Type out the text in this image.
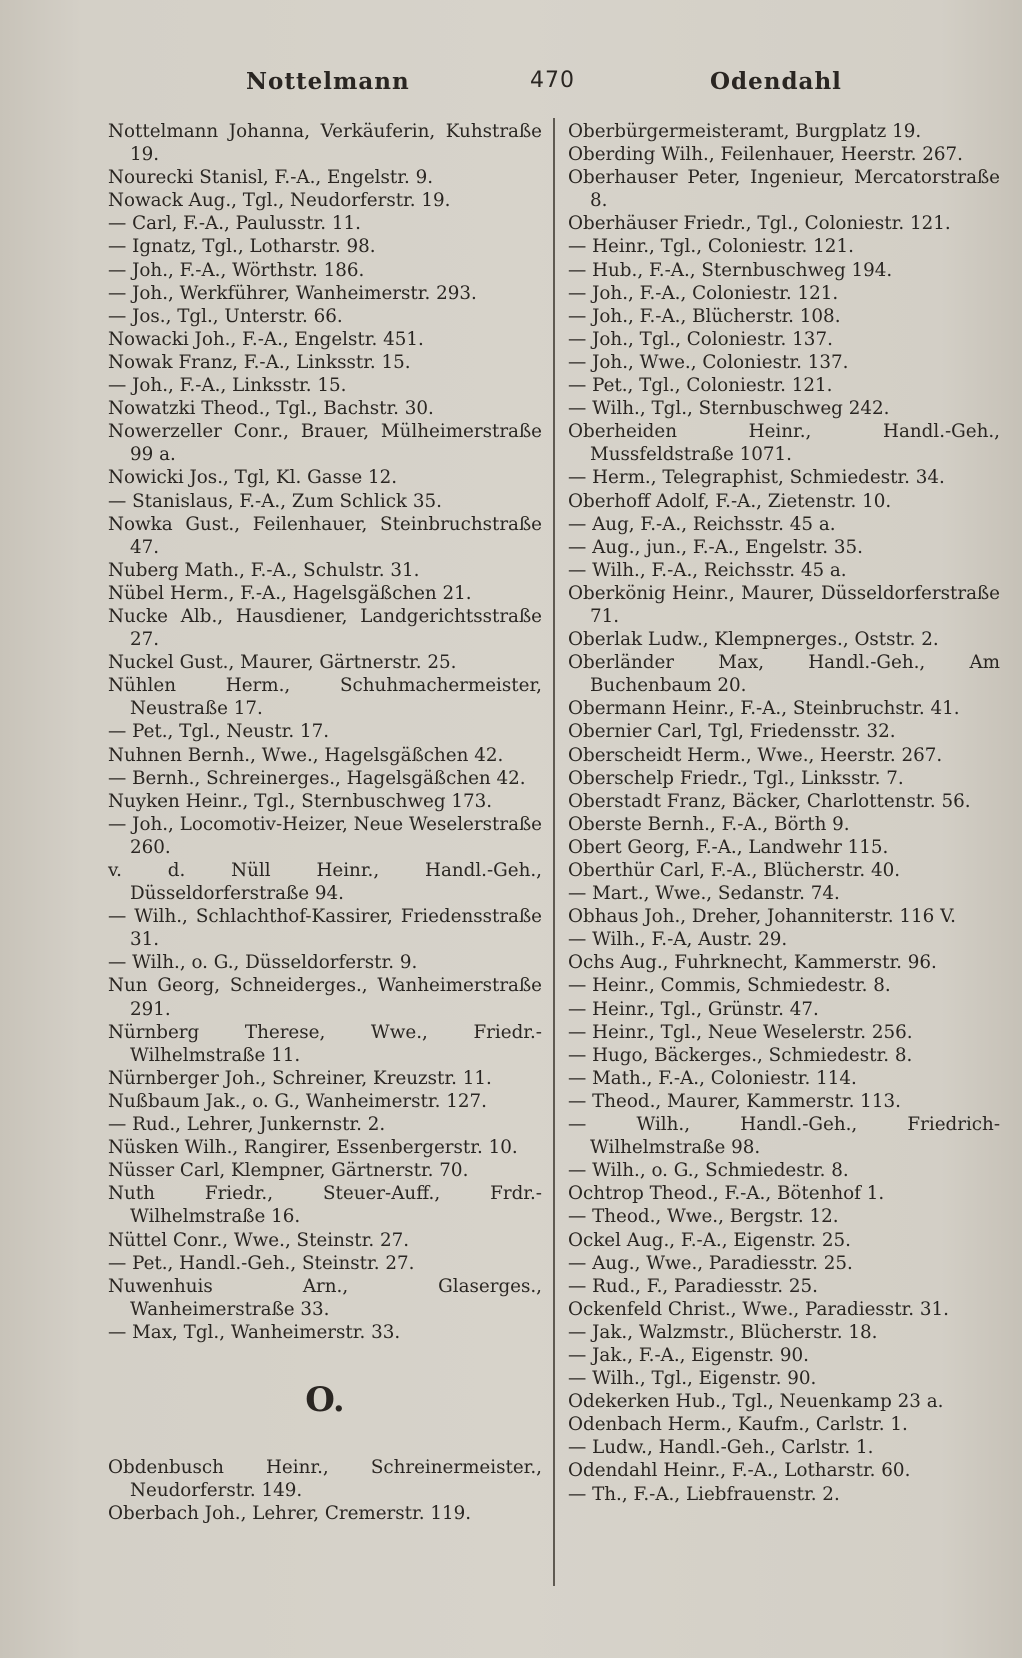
Nottelmann	470	Odendahl
Nottelmann Johanna, Verkäuferin, Kuhstraße 19.
Nourecki Stanisl, F.-A., Engelstr. 9.
Nowack Aug., Tgl., Neudorferstr. 19.
— Carl, F.-A., Paulusstr. 11.
— Ignatz, Tgl., Lotharstr. 98.
— Joh., F.-A., Wörthstr. 186.
— Joh., Werkführer, Wanheimerstr. 293.
— Jos., Tgl., Unterstr. 66.
Nowacki Joh., F.-A., Engelstr. 451.
Nowak Franz, F.-A., Linksstr. 15.
— Joh., F.-A., Linksstr. 15.
Nowatzki Theod., Tgl., Bachstr. 30.
Nowerzeller Conr., Brauer, Mülheimerstraße 99 a.
Nowicki Jos., Tgl, Kl. Gasse 12.
— Stanislaus, F.-A., Zum Schlick 35.
Nowka Gust., Feilenhauer, Steinbruchstraße 47.
Nuberg Math., F.-A., Schulstr. 31.
Nübel Herm., F.-A., Hagelsgäßchen 21.
Nucke Alb., Hausdiener, Landgerichtsstraße 27.
Nuckel Gust., Maurer, Gärtnerstr. 25.
Nühlen Herm., Schuhmachermeister, Neustraße 17.
— Pet., Tgl., Neustr. 17.
Nuhnen Bernh., Wwe., Hagelsgäßchen 42.
— Bernh., Schreinerges., Hagelsgäßchen 42.
Nuyken Heinr., Tgl., Sternbuschweg 173.
— Joh., Locomotiv-Heizer, Neue Weselerstraße 260.
v. d. Nüll Heinr., Handl.-Geh., Düsseldorferstraße 94.
— Wilh., Schlachthof-Kassirer, Friedensstraße 31.
— Wilh., o. G., Düsseldorferstr. 9.
Nun Georg, Schneiderges., Wanheimerstraße 291.
Nürnberg Therese, Wwe., Friedr.-Wilhelmstraße 11.
Nürnberger Joh., Schreiner, Kreuzstr. 11.
Nußbaum Jak., o. G., Wanheimerstr. 127.
— Rud., Lehrer, Junkernstr. 2.
Nüsken Wilh., Rangirer, Essenbergerstr. 10.
Nüsser Carl, Klempner, Gärtnerstr. 70.
Nuth Friedr., Steuer-Auff., Frdr.-Wilhelmstraße 16.
Nüttel Conr., Wwe., Steinstr. 27.
— Pet., Handl.-Geh., Steinstr. 27.
Nuwenhuis Arn., Glaserges., Wanheimerstraße 33.
— Max, Tgl., Wanheimerstr. 33.
O.
Obdenbusch Heinr., Schreinermeister., Neudorferstr. 149.
Oberbach Joh., Lehrer, Cremerstr. 119.
Oberbürgermeisteramt, Burgplatz 19.
Oberding Wilh., Feilenhauer, Heerstr. 267.
Oberhauser Peter, Ingenieur, Mercatorstraße 8.
Oberhäuser Friedr., Tgl., Coloniestr. 121.
— Heinr., Tgl., Coloniestr. 121.
— Hub., F.-A., Sternbuschweg 194.
— Joh., F.-A., Coloniestr. 121.
— Joh., F.-A., Blücherstr. 108.
— Joh., Tgl., Coloniestr. 137.
— Joh., Wwe., Coloniestr. 137.
— Pet., Tgl., Coloniestr. 121.
— Wilh., Tgl., Sternbuschweg 242.
Oberheiden Heinr., Handl.-Geh., Mussfeldstraße 1071.
— Herm., Telegraphist, Schmiedestr. 34.
Oberhoff Adolf, F.-A., Zietenstr. 10.
— Aug, F.-A., Reichsstr. 45 a.
— Aug., jun., F.-A., Engelstr. 35.
— Wilh., F.-A., Reichsstr. 45 a.
Oberkönig Heinr., Maurer, Düsseldorferstraße 71.
Oberlak Ludw., Klempnerges., Oststr. 2.
Oberländer Max, Handl.-Geh., Am Buchenbaum 20.
Obermann Heinr., F.-A., Steinbruchstr. 41.
Obernier Carl, Tgl, Friedensstr. 32.
Oberscheidt Herm., Wwe., Heerstr. 267.
Oberschelp Friedr., Tgl., Linksstr. 7.
Oberstadt Franz, Bäcker, Charlottenstr. 56.
Oberste Bernh., F.-A., Börth 9.
Obert Georg, F.-A., Landwehr 115.
Oberthür Carl, F.-A., Blücherstr. 40.
— Mart., Wwe., Sedanstr. 74.
Obhaus Joh., Dreher, Johanniterstr. 116 V.
— Wilh., F.-A, Austr. 29.
Ochs Aug., Fuhrknecht, Kammerstr. 96.
— Heinr., Commis, Schmiedestr. 8.
— Heinr., Tgl., Grünstr. 47.
— Heinr., Tgl., Neue Weselerstr. 256.
— Hugo, Bäckerges., Schmiedestr. 8.
— Math., F.-A., Coloniestr. 114.
— Theod., Maurer, Kammerstr. 113.
— Wilh., Handl.-Geh., Friedrich-Wilhelmstraße 98.
— Wilh., o. G., Schmiedestr. 8.
Ochtrop Theod., F.-A., Bötenhof 1.
— Theod., Wwe., Bergstr. 12.
Ockel Aug., F.-A., Eigenstr. 25.
— Aug., Wwe., Paradiesstr. 25.
— Rud., F., Paradiesstr. 25.
Ockenfeld Christ., Wwe., Paradiesstr. 31.
— Jak., Walzmstr., Blücherstr. 18.
— Jak., F.-A., Eigenstr. 90.
— Wilh., Tgl., Eigenstr. 90.
Odekerken Hub., Tgl., Neuenkamp 23 a.
Odenbach Herm., Kaufm., Carlstr. 1.
— Ludw., Handl.-Geh., Carlstr. 1.
Odendahl Heinr., F.-A., Lotharstr. 60.
— Th., F.-A., Liebfrauenstr. 2.
